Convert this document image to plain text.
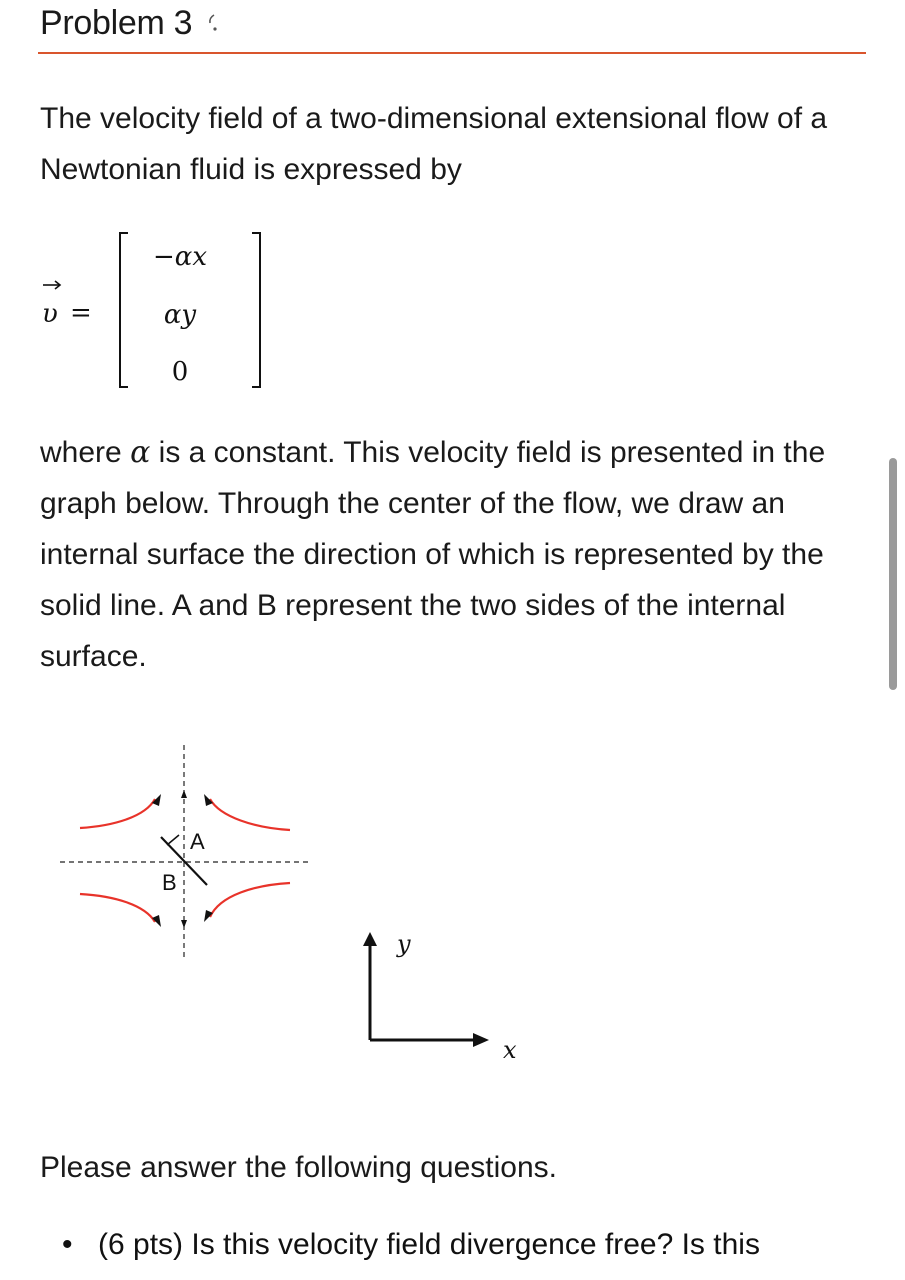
Problem 3

The velocity field of a two-dimensional extensional flow of a Newtonian fluid is expressed by

υ =
−αx
αy
0

where α is a constant. This velocity field is presented in the graph below. Through the center of the flow, we draw an internal surface the direction of which is represented by the solid line. A and B represent the two sides of the internal surface.

A
B
y
x

Please answer the following questions.

• (6 pts) Is this velocity field divergence free? Is this
